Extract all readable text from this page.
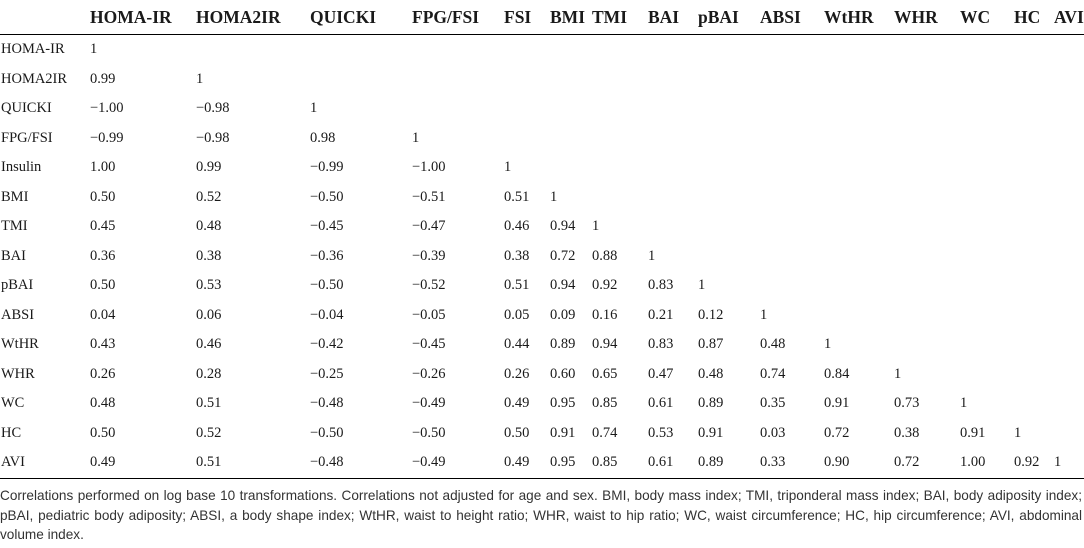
	HOMA-IR	HOMA2IR	QUICKI	FPG/FSI	FSI	BMI	TMI	BAI	pBAI	ABSI	WtHR	WHR	WC	HC	AVI
HOMA-IR	1														
HOMA2IR	0.99	1													
QUICKI	−1.00	−0.98	1												
FPG/FSI	−0.99	−0.98	0.98	1											
Insulin	1.00	0.99	−0.99	−1.00	1										
BMI	0.50	0.52	−0.50	−0.51	0.51	1									
TMI	0.45	0.48	−0.45	−0.47	0.46	0.94	1								
BAI	0.36	0.38	−0.36	−0.39	0.38	0.72	0.88	1							
pBAI	0.50	0.53	−0.50	−0.52	0.51	0.94	0.92	0.83	1						
ABSI	0.04	0.06	−0.04	−0.05	0.05	0.09	0.16	0.21	0.12	1					
WtHR	0.43	0.46	−0.42	−0.45	0.44	0.89	0.94	0.83	0.87	0.48	1				
WHR	0.26	0.28	−0.25	−0.26	0.26	0.60	0.65	0.47	0.48	0.74	0.84	1			
WC	0.48	0.51	−0.48	−0.49	0.49	0.95	0.85	0.61	0.89	0.35	0.91	0.73	1		
HC	0.50	0.52	−0.50	−0.50	0.50	0.91	0.74	0.53	0.91	0.03	0.72	0.38	0.91	1	
AVI	0.49	0.51	−0.48	−0.49	0.49	0.95	0.85	0.61	0.89	0.33	0.90	0.72	1.00	0.92	1

Correlations performed on log base 10 transformations. Correlations not adjusted for age and sex. BMI, body mass index; TMI, triponderal mass index; BAI, body adiposity index; pBAI, pediatric body adiposity; ABSI, a body shape index; WtHR, waist to height ratio; WHR, waist to hip ratio; WC, waist circumference; HC, hip circumference; AVI, abdominal volume index.
